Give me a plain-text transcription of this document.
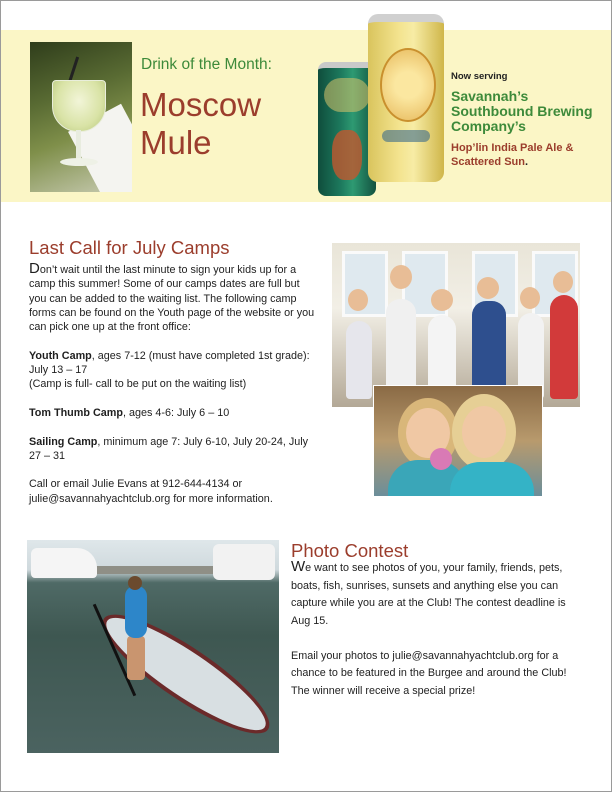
Drink of the Month:
Moscow Mule
Now serving
Savannah’s Southbound Brewing Company’s
Hop’lin India Pale Ale & Scattered Sun.
Last Call for July Camps

Don’t wait until the last minute to sign your kids up for a camp this summer! Some of our camps dates are full but you can be added to the waiting list. The following camp forms can be found on the Youth page of the website or you can pick one up at the front office:

Youth Camp, ages 7-12 (must have completed 1st grade): July 13 – 17
(Camp is full- call to be put on the waiting list)

Tom Thumb Camp, ages 4-6: July 6 – 10

Sailing Camp, minimum age 7: July 6-10, July 20-24, July 27 – 31

Call or email Julie Evans at 912-644-4134 or julie@savannahyachtclub.org for more information.

Photo Contest

We want to see photos of you, your family, friends, pets, boats, fish, sunrises, sunsets and anything else you can capture while you are at the Club! The contest deadline is Aug 15.

Email your photos to julie@savannahyachtclub.org for a chance to be featured in the Burgee and around the Club! The winner will receive a special prize!
